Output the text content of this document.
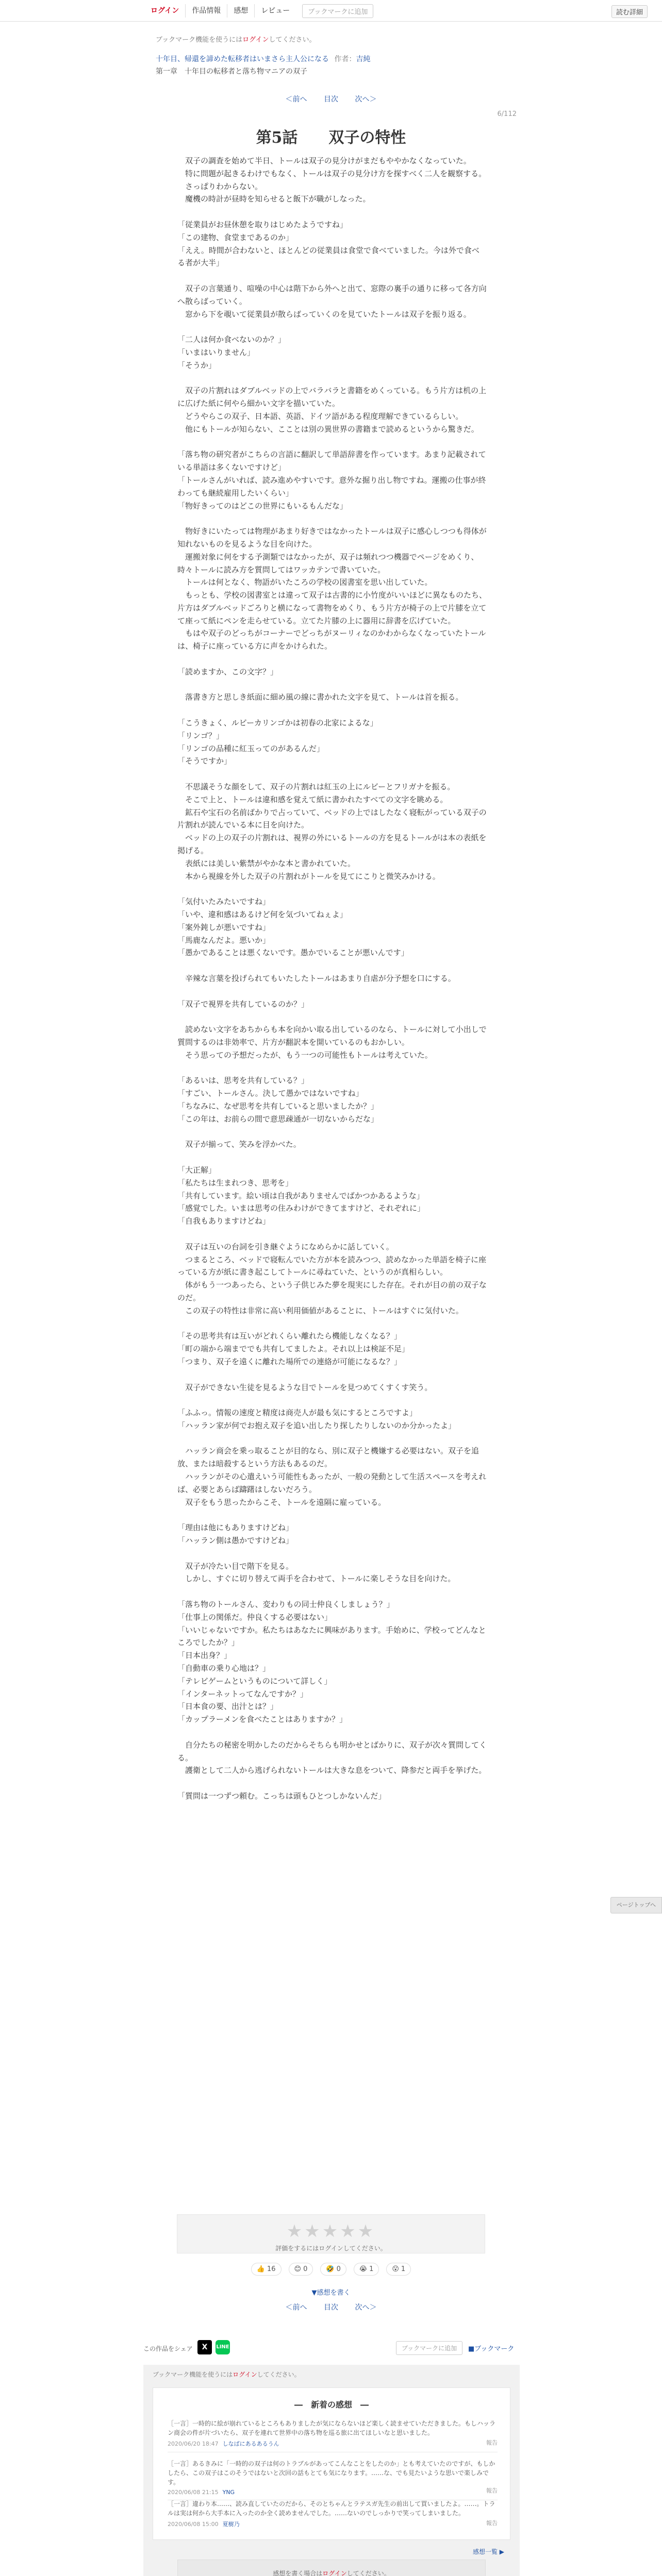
ログイン	作品情報	感想	レビュー	ブックマークに追加	読む詳細
ブックマーク機能を使うにはログインしてください。
十年目、帰還を諦めた転移者はいまさら主人公になる 作者：吉純
第一章　十年目の転移者と落ち物マニアの双子
＜前へ 目次 次へ＞
6/112
第5話　　双子の特性

　双子の調査を始めて半日、トールは双子の見分けがまだもややかなくなっていた。

　特に問題が起きるわけでもなく、トールは双子の見分け方を探すべく二人を観察する。

　さっぱりわからない。

　魔機の時計が昼時を知らせると飯下が職がしなった。

「従業員がお昼休憩を取りはじめたようですね」

「この建物、食堂まであるのか」

「ええ。時間が合わないと、ほとんどの従業員は食堂で食べていました。今は外で食べる者が大半」

　双子の言葉通り、喧噪の中心は階下から外へと出て、窓際の裏手の通りに移って各方向へ散らばっていく。

　窓から下を覗いて従業員が散らばっていくのを見ていたトールは双子を振り返る。

「二人は何か食べないのか？」

「いまはいりません」

「そうか」

　双子の片割れはダブルベッドの上でバラバラと書籍をめくっている。もう片方は机の上に広げた紙に何やら細かい文字を描いていた。

　どうやらこの双子、日本語、英語、ドイツ語がある程度理解できているらしい。

　他にもトールが知らない、こことは別の異世界の書籍まで読めるというから驚きだ。

「落ち物の研究者がこちらの言語に翻訳して単語辞書を作っています。あまり記載されている単語は多くないですけど」

「トールさんがいれば、読み進めやすいです。意外な掘り出し物ですね。運搬の仕事が終わっても継続雇用したいくらい」

「物好きってのはどこの世界にもいるもんだな」

　物好きにいたっては物理があまり好きではなかったトールは双子に感心しつつも得体が知れないものを見るような目を向けた。

　運搬対象に何をする予測類ではなかったが、双子は頻れつつ機器でページをめくり、時々トールに読み方を質問してはワッカテンで書いていた。

　トールは何となく、物語がいたころの学校の図書室を思い出していた。

　もっとも、学校の図書室とは違って双子は古書的に小竹度がいいほどに異なものたち、片方はダブルベッドごろりと横になって書物をめくり、もう片方が椅子の上で片膝を立てて座って紙にペンを走らせている。立てた片膝の上に器用に辞書を広げていた。

　もはや双子のどっちがコーナーでどっちがヌーリィなのかわからなくなっていたトールは、椅子に座っている方に声をかけられた。

「読めますか、この文字？」

　落書き方と思しき紙面に細め風の線に書かれた文字を見て、トールは首を振る。

「こうきょく、ルビーカリンゴかは初春の北家によるな」

「リンゴ？」

「リンゴの品種に紅玉ってのがあるんだ」

「そうですか」

　不思議そうな顔をして、双子の片割れは紅玉の上にルビーとフリガナを振る。

　そこで上と、トールは違和感を覚えて紙に書かれたすべての文字を眺める。

　鉱石や宝石の名前ばかりで占っていて、ベッドの上ではしたなく寝転がっている双子の片割れが読んでいる本に目を向けた。

　ベッドの上の双子の片割れは、視界の外にいるトールの方を見るトールがは本の表紙を掲げる。

　表紙には美しい紫禁がやかな本と書かれていた。

　本から視線を外した双子の片割れがトールを見てにこりと微笑みかける。

「気付いたみたいですね」

「いや、違和感はあるけど何を気づいてねぇよ」

「案外鈍しが悪いですね」

「馬鹿なんだよ。悪いか」

「愚かであることは悪くないです。愚かでいることが悪いんです」

　辛辣な言葉を投げられてもいたしたトールはあまり自虐が分予想を口にする。

「双子で視界を共有しているのか？」

　読めない文字をあちからも本を向かい取る出しているのなら、トールに対して小出しで質問するのは非効率で、片方が翻訳本を開いているのもおかしい。

　そう思っての予想だったが、もう一つの可能性もトールは考えていた。

「あるいは、思考を共有している？」

「すごい、トールさん。決して愚かではないですね」

「ちなみに、なぜ思考を共有していると思いましたか？」

「この年は、お前らの間で意思疎通が一切ないからだな」

　双子が揃って、笑みを浮かべた。

「大正解」

「私たちは生まれつき、思考を」

「共有しています。絵い頃は自我がありませんでばかつかあるような」

「感覚でした。いまは思考の住みわけができてますけど、それぞれに」

「自我もありますけどね」

　双子は互いの台詞を引き継ぐようになめらかに話していく。

　つまるところ、ベッドで寝転んでいた方が本を読みつつ、読めなかった単語を椅子に座っている方が紙に書き起こしてトールに尋ねていた、というのが真相らしい。

　体がもう一つあったら、という子供じみた夢を現実にした存在。それが目の前の双子なのだ。

　この双子の特性は非常に高い利用価値があることに、トールはすぐに気付いた。

「その思考共有は互いがどれくらい離れたら機能しなくなる？」

「町の端から端まででも共有してましたよ。それ以上は検証不足」

「つまり、双子を遠くに離れた場所での連絡が可能になるな？」

　双子ができない生徒を見るような目でトールを見つめてくすくす笑う。

「ふふっ。情報の速度と精度は商売人が最も気にするところですよ」

「ハッラン家が何でお抱え双子を追い出したり探したりしないのか分かったよ」

　ハッラン商会を乗っ取ることが目的なら、別に双子と機嫌する必要はない。双子を追放、または暗殺するという方法もあるのだ。

　ハッランがその心遣えいう可能性もあったが、一般の発動として生活スペースを考えれば、必要とあらば躊躇はしないだろう。

　双子をもう思ったからこそ、トールを遠隔に雇っている。

「理由は他にもありますけどね」

「ハッラン側は愚かですけどね」

　双子が冷たい目で階下を見る。

　しかし、すぐに切り替えて両手を合わせて、トールに楽しそうな目を向けた。

「落ち物のトールさん、変わりもの同士仲良くしましょう？」

「仕事上の関係だ。仲良くする必要はない」

「いいじゃないですか。私たちはあなたに興味があります。手始めに、学校ってどんなところでしたか？」

「日本出身？」

「自動車の乗り心地は？」

「テレビゲームというものについて詳しく」

「インターネットってなんですか？」

「日本食の要、出汁とは？」

「カップラーメンを食べたことはありますか？」

　自分たちの秘密を明かしたのだからそちらも明かせとばかりに、双子が次々質問してくる。

　護衛として二人から逃げられないトールは大きな息をついて、降参だと両手を挙げた。

「質問は一つずつ頼む。こっちは頭もひとつしかないんだ」

★★★★★
評価をするにはログインしてください。
👍 16	😊 0	🤣 0	😭 1	😮 1
▼感想を書く
＜前へ 目次 次へ＞
この作品をシェア	X	LINE	ブックマークに追加	■ブックマーク
ブックマーク機能を使うにはログインしてください。
―　新着の感想　―
［一言］一時的に絵が崩れているところもありましたが気にならないほど楽しく読ませていただきました。もしハッラン商会の件が片づいたら、双子を連れて世界中の落ち物を巡る旅に出てほしいなと思いました。
2020/06/20 18:47 しなばにあるあるうん	報告
［一言］あるきみに「一時的の双子は何のトラブルがあってこんなことをしたのか」とも考えていたのですが、もしかしたら、この双子はこのそうではないと次回の話もとても気になります。……な、でも見たいような思いで楽しみです。
2020/06/08 21:15 YNG	報告
［一言］違わり本……、読み直していたのだから、そのとちゃんとラテスガ先生の前出して買いましたよ。……。トラルは実は何から大手本に入ったのか全く読めませんでした。……ないのでしっかりで笑ってしまいました。
2020/06/08 15:00 夏樹乃	報告
感想一覧 ▶
感想を書く場合はログインしてください。
ページトップへ
